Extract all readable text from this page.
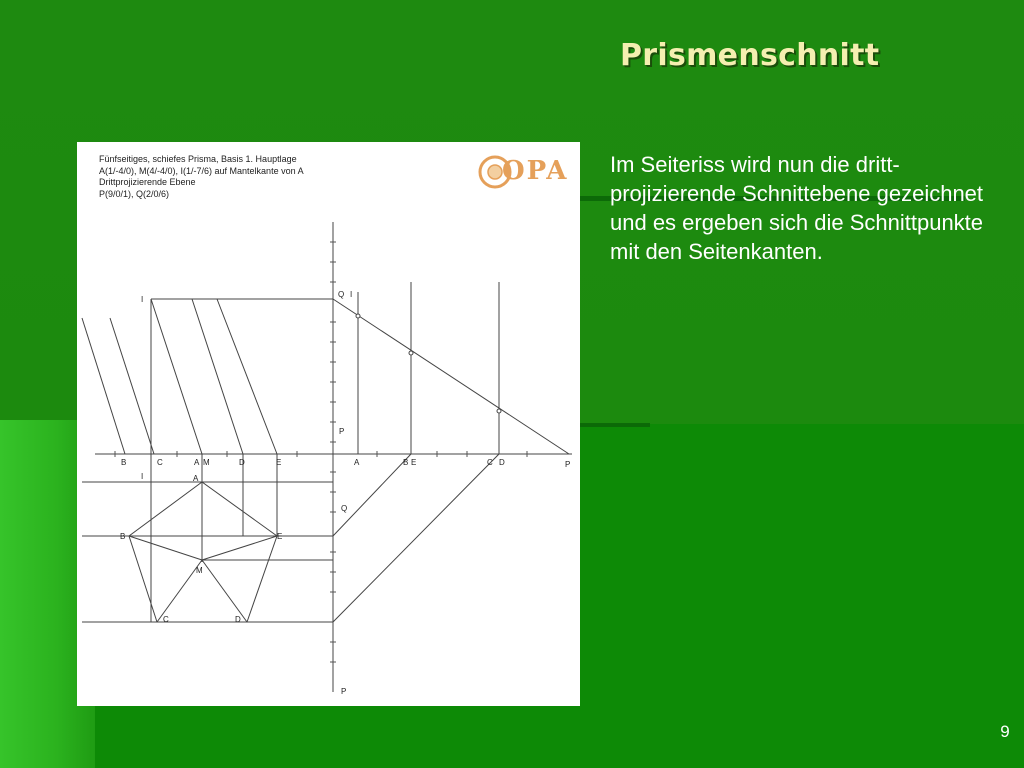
Prismenschnitt

Im Seiteriss wird nun die dritt-projizierende Schnittebene gezeichnet und es ergeben sich die Schnittpunkte mit den Seitenkanten.

9
Fünfseitiges, schiefes Prisma, Basis 1. Hauptlage
A(1/-4/0), M(4/-4/0), I(1/-7/6) auf Mantelkante von A
Drittprojizierende Ebene
P(9/0/1), Q(2/0/6)
OPA
I
Q I
P
B	C	A M	D	E	A	B E	C D	P
I	A
Q
B	E
M
C	D
P
